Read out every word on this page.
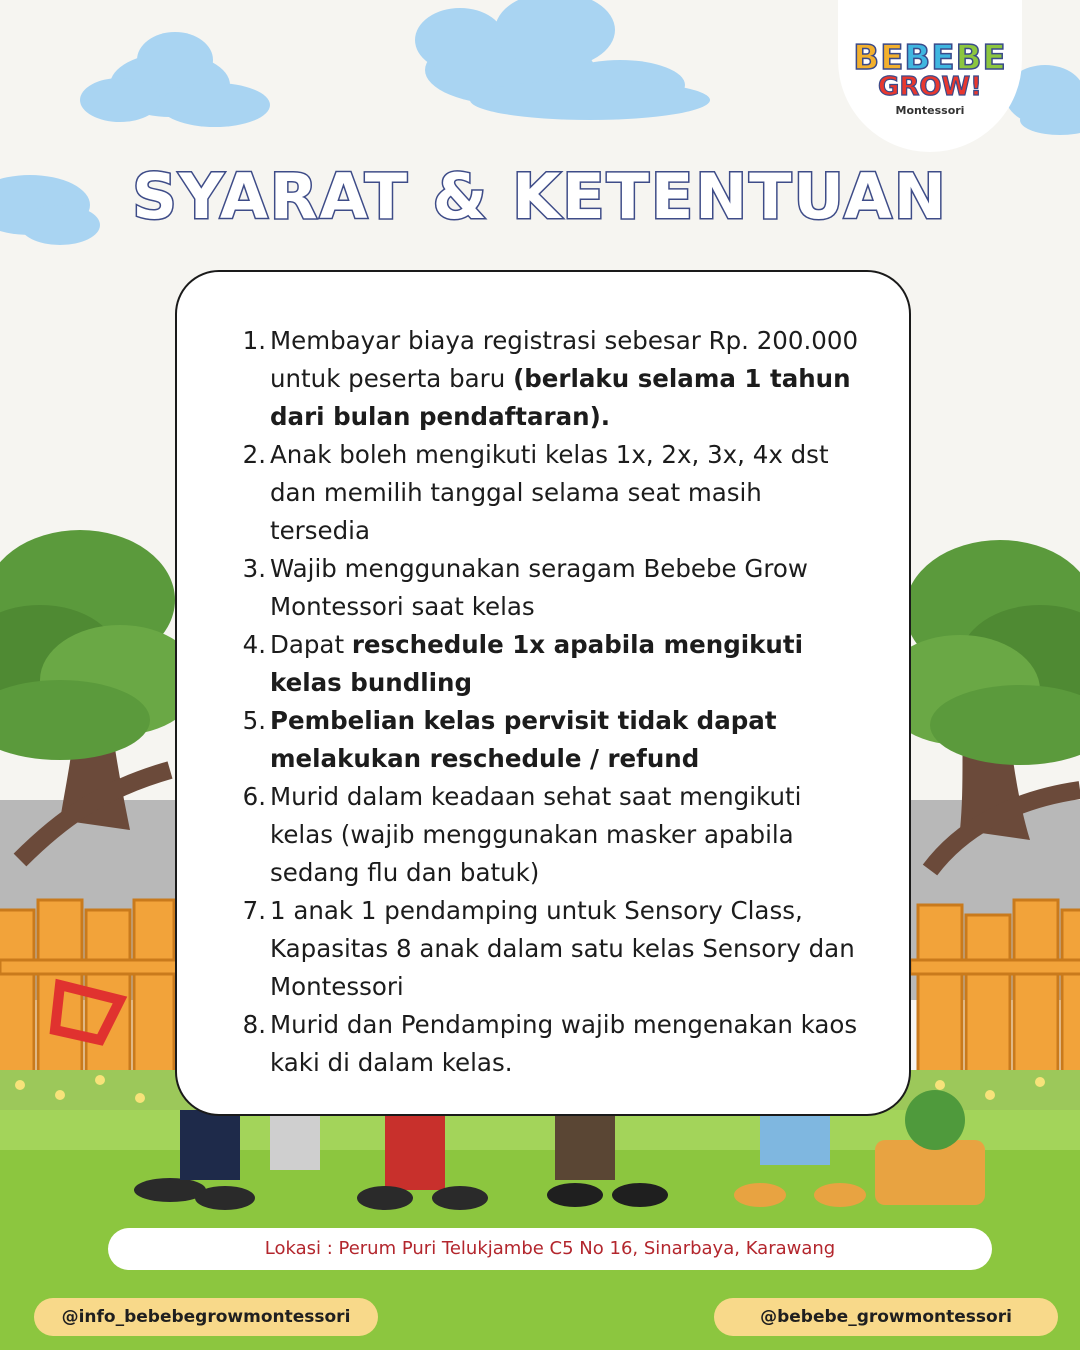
BEBEBE
GROW!
Montessori
SYARAT & KETENTUAN
1. Membayar biaya registrasi sebesar Rp. 200.000 untuk peserta baru (berlaku selama 1 tahun dari bulan pendaftaran).
2. Anak boleh mengikuti kelas 1x, 2x, 3x, 4x dst dan memilih tanggal selama seat masih tersedia
3. Wajib menggunakan seragam Bebebe Grow Montessori saat kelas
4. Dapat reschedule 1x apabila mengikuti kelas bundling
5. Pembelian kelas pervisit tidak dapat melakukan reschedule / refund
6. Murid dalam keadaan sehat saat mengikuti kelas (wajib menggunakan masker apabila sedang flu dan batuk)
7. 1 anak 1 pendamping untuk Sensory Class, Kapasitas 8 anak dalam satu kelas Sensory dan Montessori
8. Murid dan Pendamping wajib mengenakan kaos kaki di dalam kelas.
Lokasi : Perum Puri Telukjambe C5 No 16, Sinarbaya, Karawang
@info_bebebegrowmontessori	@bebebe_growmontessori
